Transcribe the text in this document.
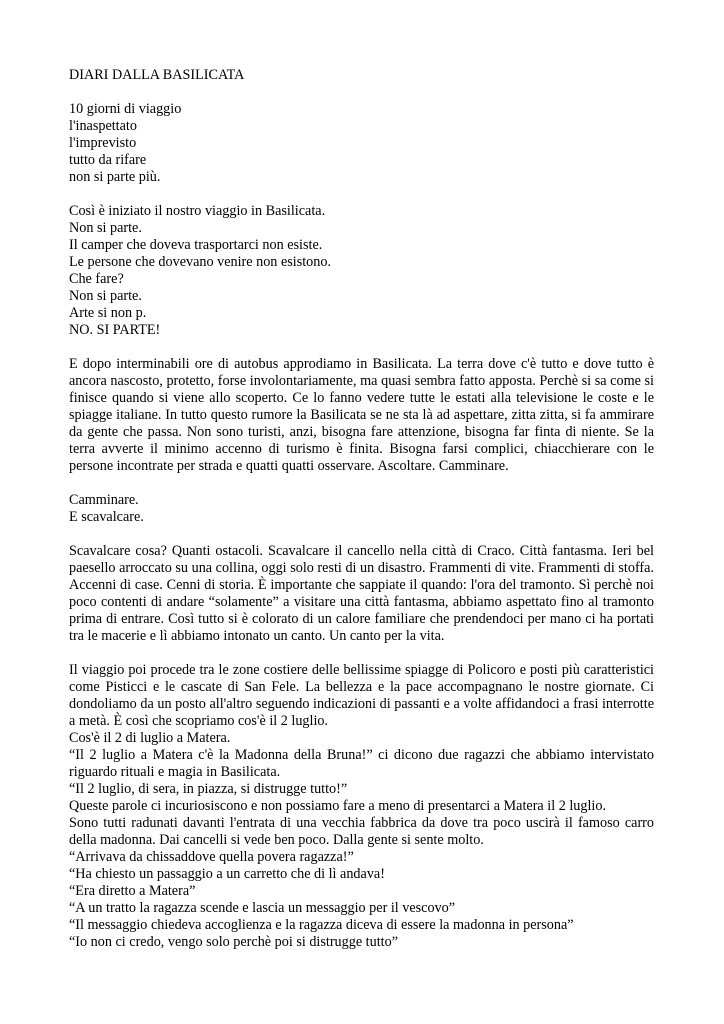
DIARI DALLA BASILICATA
10 giorni di viaggio
l'inaspettato
l'imprevisto
tutto da rifare
non si parte più.
Così è iniziato il nostro viaggio in Basilicata.
Non si parte.
Il camper che doveva trasportarci non esiste.
Le persone che dovevano venire non esistono.
Che fare?
Non si parte.
Arte si non p.
NO. SI PARTE!

E dopo interminabili ore di autobus approdiamo in Basilicata. La terra dove c'è tutto e dove tutto è ancora nascosto, protetto, forse involontariamente, ma quasi sembra fatto apposta. Perchè si sa come si finisce quando si viene allo scoperto. Ce lo fanno vedere tutte le estati alla televisione le coste e le spiagge italiane. In tutto questo rumore la Basilicata se ne sta là ad aspettare, zitta zitta, si fa ammirare da gente che passa. Non sono turisti, anzi, bisogna fare attenzione, bisogna far finta di niente. Se la terra avverte il minimo accenno di turismo è finita. Bisogna farsi complici, chiacchierare con le persone incontrate per strada e quatti quatti osservare. Ascoltare. Camminare.

Camminare.
E scavalcare.

Scavalcare cosa? Quanti ostacoli. Scavalcare il cancello nella città di Craco. Città fantasma. Ieri bel paesello arroccato su una collina, oggi solo resti di un disastro. Frammenti di vite. Frammenti di stoffa. Accenni di case. Cenni di storia. È importante che sappiate il quando: l'ora del tramonto. Sì perchè noi poco contenti di andare “solamente” a visitare una città fantasma, abbiamo aspettato fino al tramonto prima di entrare. Così tutto si è colorato di un calore familiare che prendendoci per mano ci ha portati tra le macerie e lì abbiamo intonato un canto. Un canto per la vita.

Il viaggio poi procede tra le zone costiere delle bellissime spiagge di Policoro e posti più caratteristici come Pisticci e le cascate di San Fele. La bellezza e la pace accompagnano le nostre giornate. Ci dondoliamo da un posto all'altro seguendo indicazioni di passanti e a volte affidandoci a frasi interrotte a metà. È così che scopriamo cos'è il 2 luglio.

Cos'è il 2 di luglio a Matera.

“Il 2 luglio a Matera c'è la Madonna della Bruna!” ci dicono due ragazzi che abbiamo intervistato riguardo rituali e magia in Basilicata.

“Il 2 luglio, di sera, in piazza, si distrugge tutto!”
Queste parole ci incuriosiscono e non possiamo fare a meno di presentarci a Matera il 2 luglio.

Sono tutti radunati davanti l'entrata di una vecchia fabbrica da dove tra poco uscirà il famoso carro della madonna. Dai cancelli si vede ben poco. Dalla gente si sente molto.

“Arrivava da chissaddove quella povera ragazza!”
“Ha chiesto un passaggio a un carretto che di lì andava!
“Era diretto a Matera”
“A un tratto la ragazza scende e lascia un messaggio per il vescovo”
“Il messaggio chiedeva accoglienza e la ragazza diceva di essere la madonna in persona”
“Io non ci credo, vengo solo perchè poi si distrugge tutto”
